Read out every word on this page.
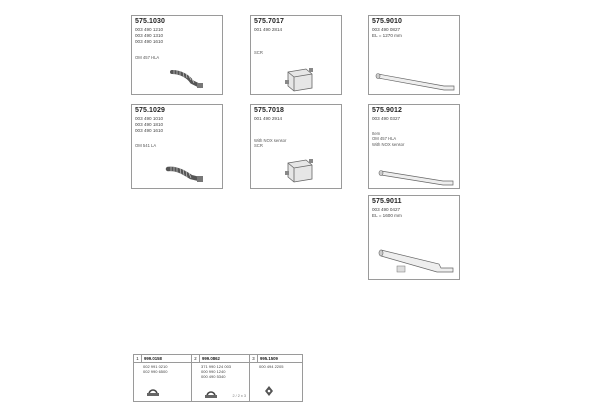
575.1030
003 490 1210
003 490 1310
003 490 1610
OM 457 HLA
575.7017
001 490 2814
SCR
575.9010
003 490 0827
EL = 1270 mm
575.1029
003 490 1010
003 490 1810
003 490 1610
OM 541 LA
575.7018
001 490 2914
With NOX sensor
SCR
575.9012
003 490 0327
Item
OM 457 HLA
With NOX sensor
575.9011
003 490 0427
EL = 1600 mm
1 999.0158
002 991 0210
002 990 6500
2 999.0862
371 990 124 003
000 990 1240
000 490 5340
2 / 2 x 3
3 995.1509
000 494 2205
